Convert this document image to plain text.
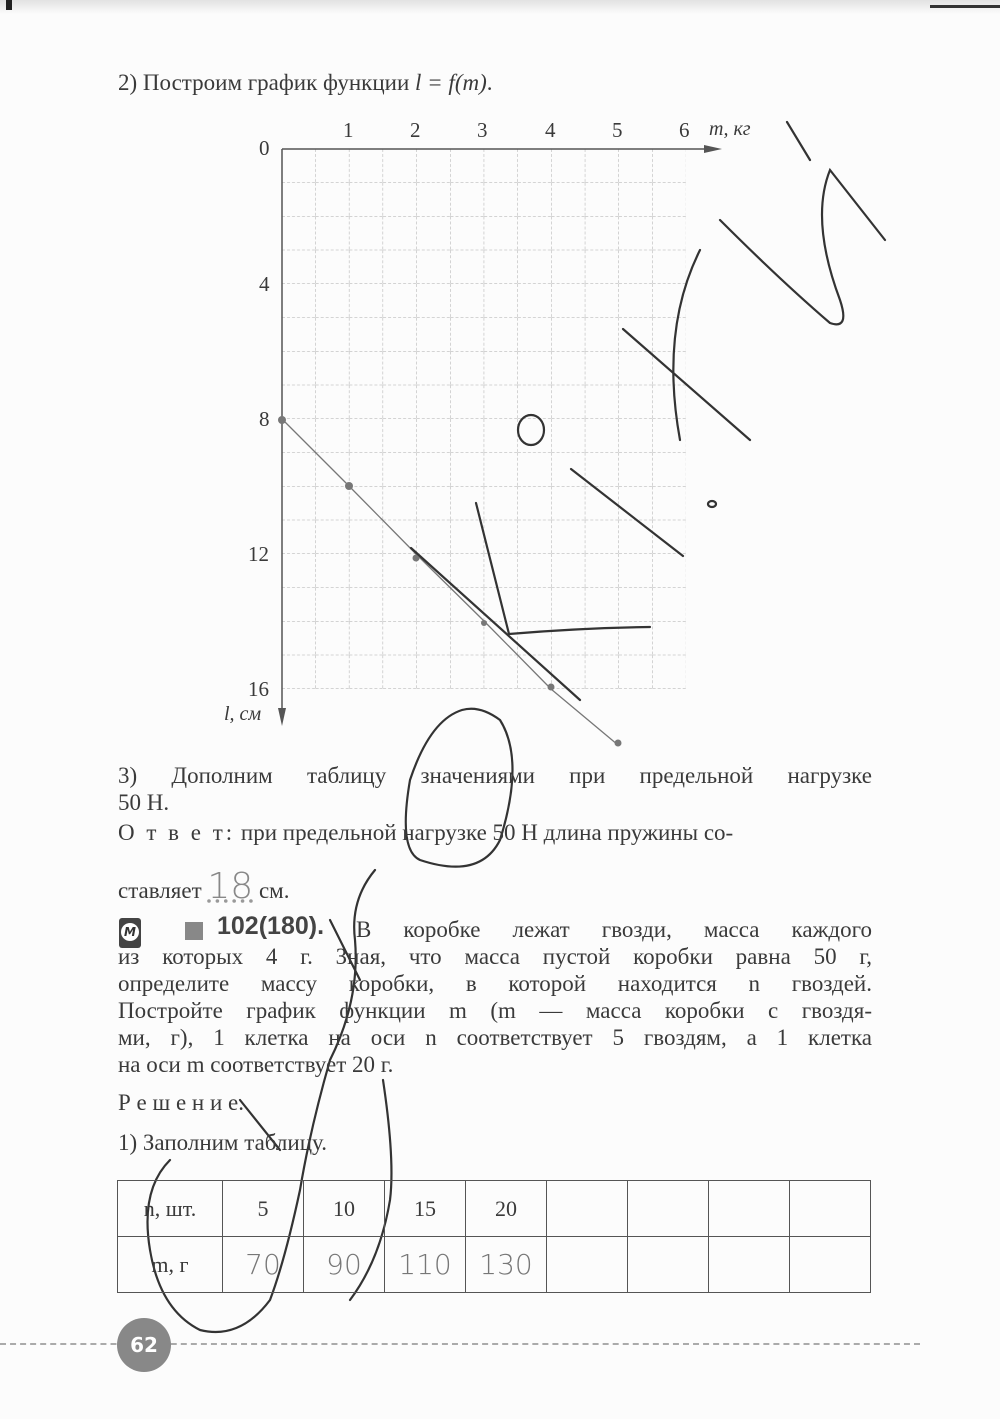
2) Построим график функции l = f(m).
0
1	2	3	4	5	6 m, кг
4
8
12
16
l, см
3) Дополним таблицу значениями при предельной нагрузке
50 Н.
О т в е т: при предельной нагрузке 50 Н длина пружины со-
ставляет 18 см.
М	102(180). В коробке лежат гвозди, масса каждого
из которых 4 г. Зная, что масса пустой коробки равна 50 г,
определите массу коробки, в которой находится n гвоздей.
Постройте график функции m (m — масса коробки с гвоздя-
ми, г), 1 клетка на оси n соответствует 5 гвоздям, а 1 клетка
на оси m соответствует 20 г.
Р е ш е н и е.
1) Заполним таблицу.
n, шт.	5	10	15	20				
m, г	70	90	110	130				
62
